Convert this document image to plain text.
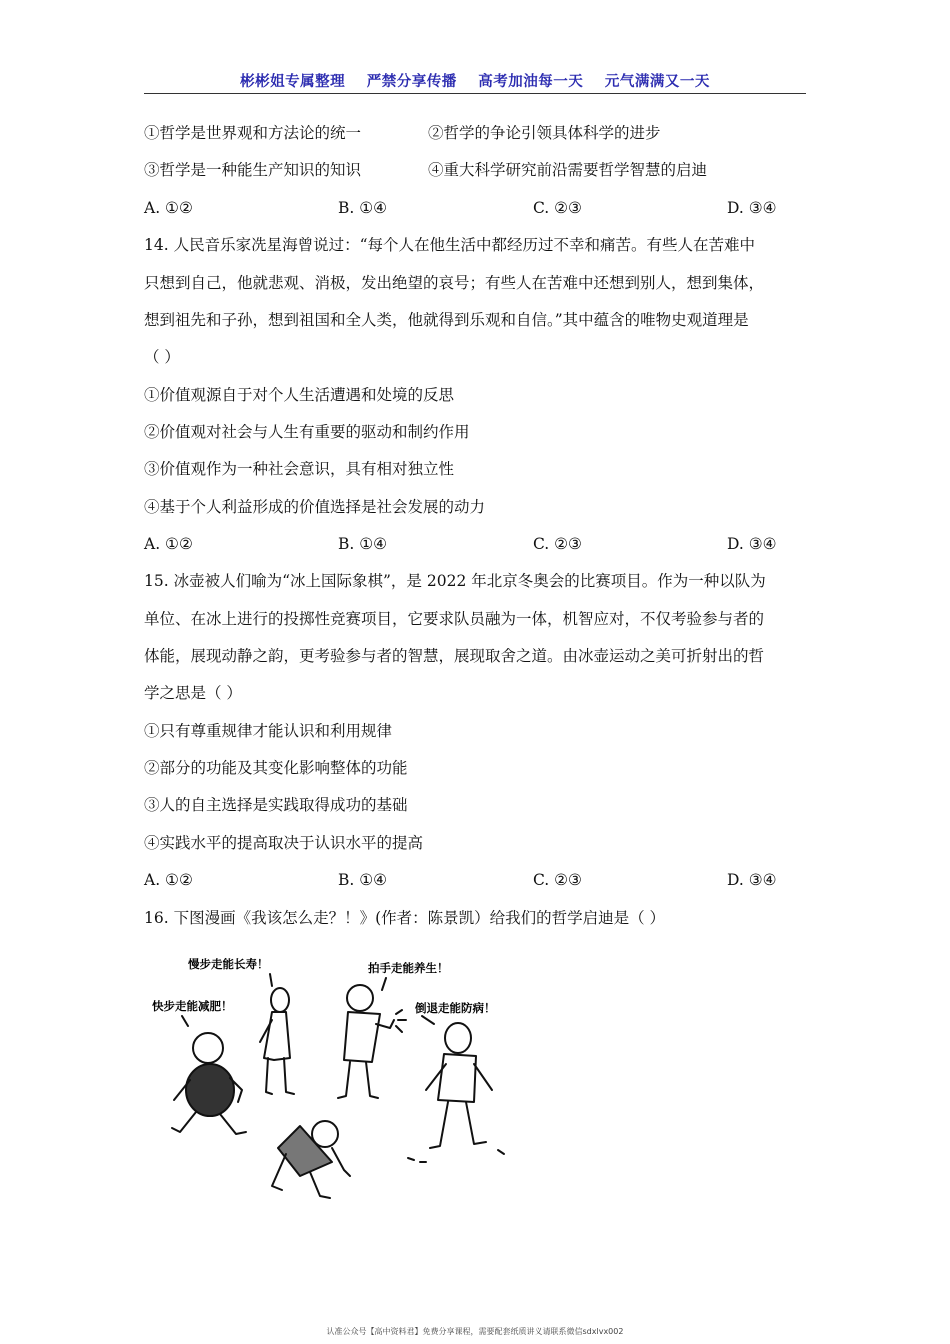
彬彬姐专属整理 严禁分享传播 高考加油每一天 元气满满又一天
①哲学是世界观和方法论的统一	②哲学的争论引领具体科学的进步
③哲学是一种能生产知识的知识	④重大科学研究前沿需要哲学智慧的启迪
A. ①②	B. ①④	C. ②③	D. ③④
14. 人民音乐家冼星海曾说过：“每个人在他生活中都经历过不幸和痛苦。有些人在苦难中
只想到自己，他就悲观、消极，发出绝望的哀号；有些人在苦难中还想到别人，想到集体，
想到祖先和子孙，想到祖国和全人类，他就得到乐观和自信。”其中蕴含的唯物史观道理是
（ ）
①价值观源自于对个人生活遭遇和处境的反思
②价值观对社会与人生有重要的驱动和制约作用
③价值观作为一种社会意识，具有相对独立性
④基于个人利益形成的价值选择是社会发展的动力
A. ①②	B. ①④	C. ②③	D. ③④
15. 冰壶被人们喻为“冰上国际象棋”，是 2022 年北京冬奥会的比赛项目。作为一种以队为
单位、在冰上进行的投掷性竞赛项目，它要求队员融为一体，机智应对，不仅考验参与者的
体能，展现动静之韵，更考验参与者的智慧，展现取舍之道。由冰壶运动之美可折射出的哲
学之思是（ ）
①只有尊重规律才能认识和利用规律
②部分的功能及其变化影响整体的功能
③人的自主选择是实践取得成功的基础
④实践水平的提高取决于认识水平的提高
A. ①②	B. ①④	C. ②③	D. ③④
16. 下图漫画《我该怎么走？！》(作者：陈景凯）给我们的哲学启迪是（ ）
慢步走能长寿！	拍手走能养生！
快步走能减肥！	倒退走能防病！
认准公众号【高中资料君】免费分享课程，需要配套纸质讲义请联系微信sdxlvx002
